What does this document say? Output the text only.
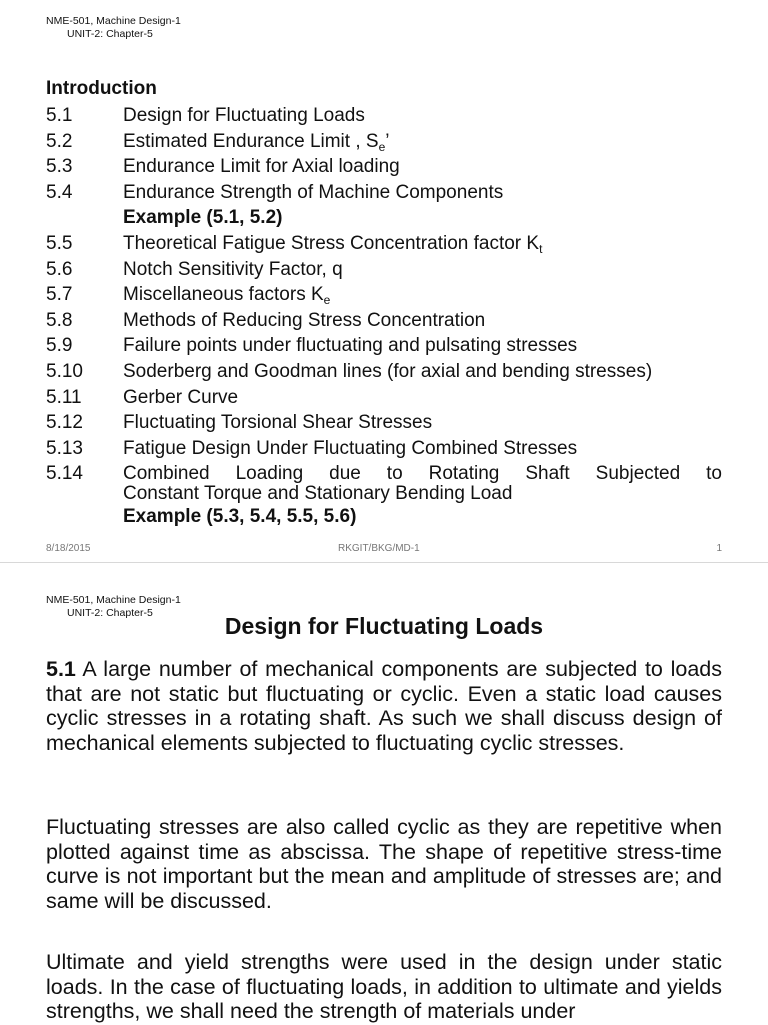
NME-501, Machine Design-1
UNIT-2: Chapter-5
Introduction
5.1	Design for Fluctuating Loads
5.2	Estimated Endurance Limit , $S_e$’
5.3	Endurance Limit for Axial loading
5.4	Endurance Strength of Machine Components
Example (5.1, 5.2)
5.5	Theoretical Fatigue Stress Concentration factor $K_t$
5.6	Notch Sensitivity Factor, q
5.7	Miscellaneous factors $K_e$
5.8	Methods of Reducing Stress Concentration
5.9	Failure points under fluctuating and pulsating stresses
5.10	Soderberg and Goodman lines (for axial and bending stresses)
5.11	Gerber Curve
5.12	Fluctuating Torsional Shear Stresses
5.13	Fatigue Design Under Fluctuating Combined Stresses
5.14	Combined Loading due to Rotating Shaft Subjected to
Constant Torque and Stationary Bending Load
Example (5.3, 5.4, 5.5, 5.6)
8/18/2015	RKGIT/BKG/MD-1	1
NME-501, Machine Design-1
UNIT-2: Chapter-5	Design for Fluctuating Loads
5.1 A large number of mechanical components are subjected to loads that are not static but fluctuating or cyclic. Even a static load causes cyclic stresses in a rotating shaft. As such we shall discuss design of mechanical elements subjected to fluctuating cyclic stresses.
Fluctuating stresses are also called cyclic as they are repetitive when plotted against time as abscissa. The shape of repetitive stress-time curve is not important but the mean and amplitude of stresses are; and same will be discussed.
Ultimate and yield strengths were used in the design under static loads. In the case of fluctuating loads, in addition to ultimate and yields strengths, we shall need the strength of materials under
